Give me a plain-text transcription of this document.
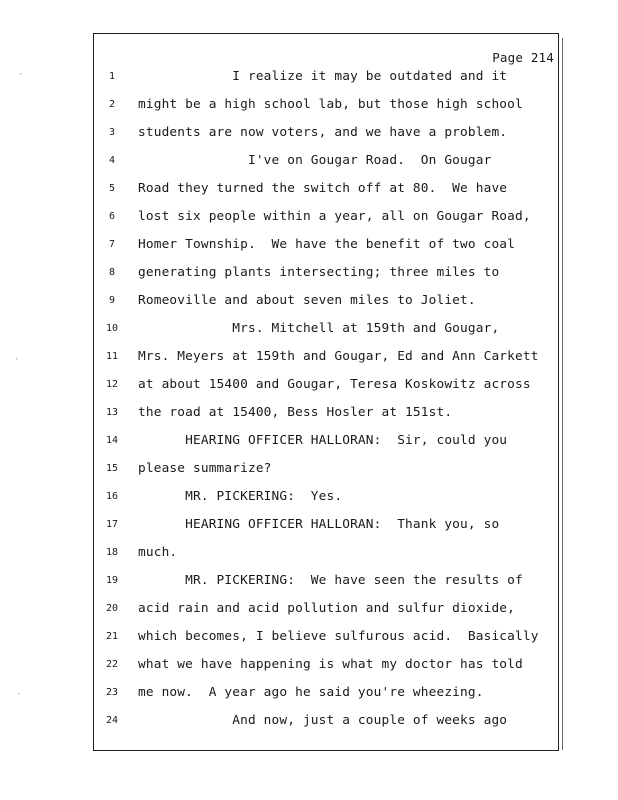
·
·
·
Page 214
1	I realize it may be outdated and it
2	might be a high school lab, but those high school
3	students are now voters, and we have a problem.
4	I've on Gougar Road.  On Gougar
5	Road they turned the switch off at 80.  We have
6	lost six people within a year, all on Gougar Road,
7	Homer Township.  We have the benefit of two coal
8	generating plants intersecting; three miles to
9	Romeoville and about seven miles to Joliet.
10	Mrs. Mitchell at 159th and Gougar,
11	Mrs. Meyers at 159th and Gougar, Ed and Ann Carkett
12	at about 15400 and Gougar, Teresa Koskowitz across
13	the road at 15400, Bess Hosler at 151st.
14	HEARING OFFICER HALLORAN:  Sir, could you
15	please summarize?
16	MR. PICKERING:  Yes.
17	HEARING OFFICER HALLORAN:  Thank you, so
18	much.
19	MR. PICKERING:  We have seen the results of
20	acid rain and acid pollution and sulfur dioxide,
21	which becomes, I believe sulfurous acid.  Basically
22	what we have happening is what my doctor has told
23	me now.  A year ago he said you're wheezing.
24	And now, just a couple of weeks ago
